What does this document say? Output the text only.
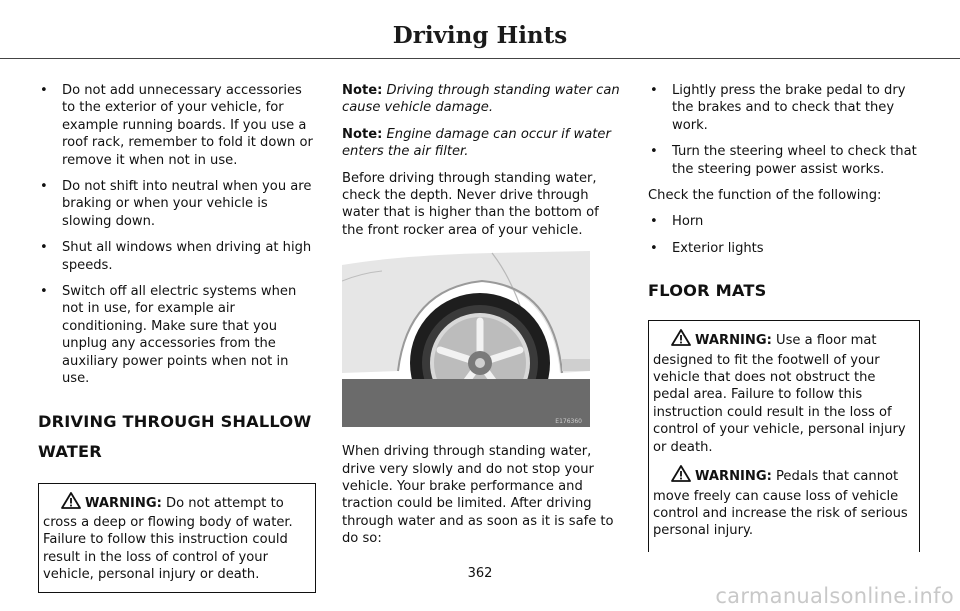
Driving Hints
• Do not add unnecessary accessories to the exterior of your vehicle, for example running boards. If you use a roof rack, remember to fold it down or remove it when not in use.
• Do not shift into neutral when you are braking or when your vehicle is slowing down.
• Shut all windows when driving at high speeds.
• Switch off all electric systems when not in use, for example air conditioning. Make sure that you unplug any accessories from the auxiliary power points when not in use.
DRIVING THROUGH SHALLOW
WATER
WARNING: Do not attempt to cross a deep or flowing body of water. Failure to follow this instruction could result in the loss of control of your vehicle, personal injury or death.

Note: Driving through standing water can cause vehicle damage.

Note: Engine damage can occur if water enters the air filter.

Before driving through standing water, check the depth. Never drive through water that is higher than the bottom of the front rocker area of your vehicle.

E176360

When driving through standing water, drive very slowly and do not stop your vehicle. Your brake performance and traction could be limited. After driving through water and as soon as it is safe to do so:

• Lightly press the brake pedal to dry the brakes and to check that they work.
• Turn the steering wheel to check that the steering power assist works.

Check the function of the following:

• Horn
• Exterior lights
FLOOR MATS

WARNING: Use a floor mat designed to fit the footwell of your vehicle that does not obstruct the pedal area. Failure to follow this instruction could result in the loss of control of your vehicle, personal injury or death.

WARNING: Pedals that cannot move freely can cause loss of vehicle control and increase the risk of serious personal injury.

362
carmanualsonline.info
